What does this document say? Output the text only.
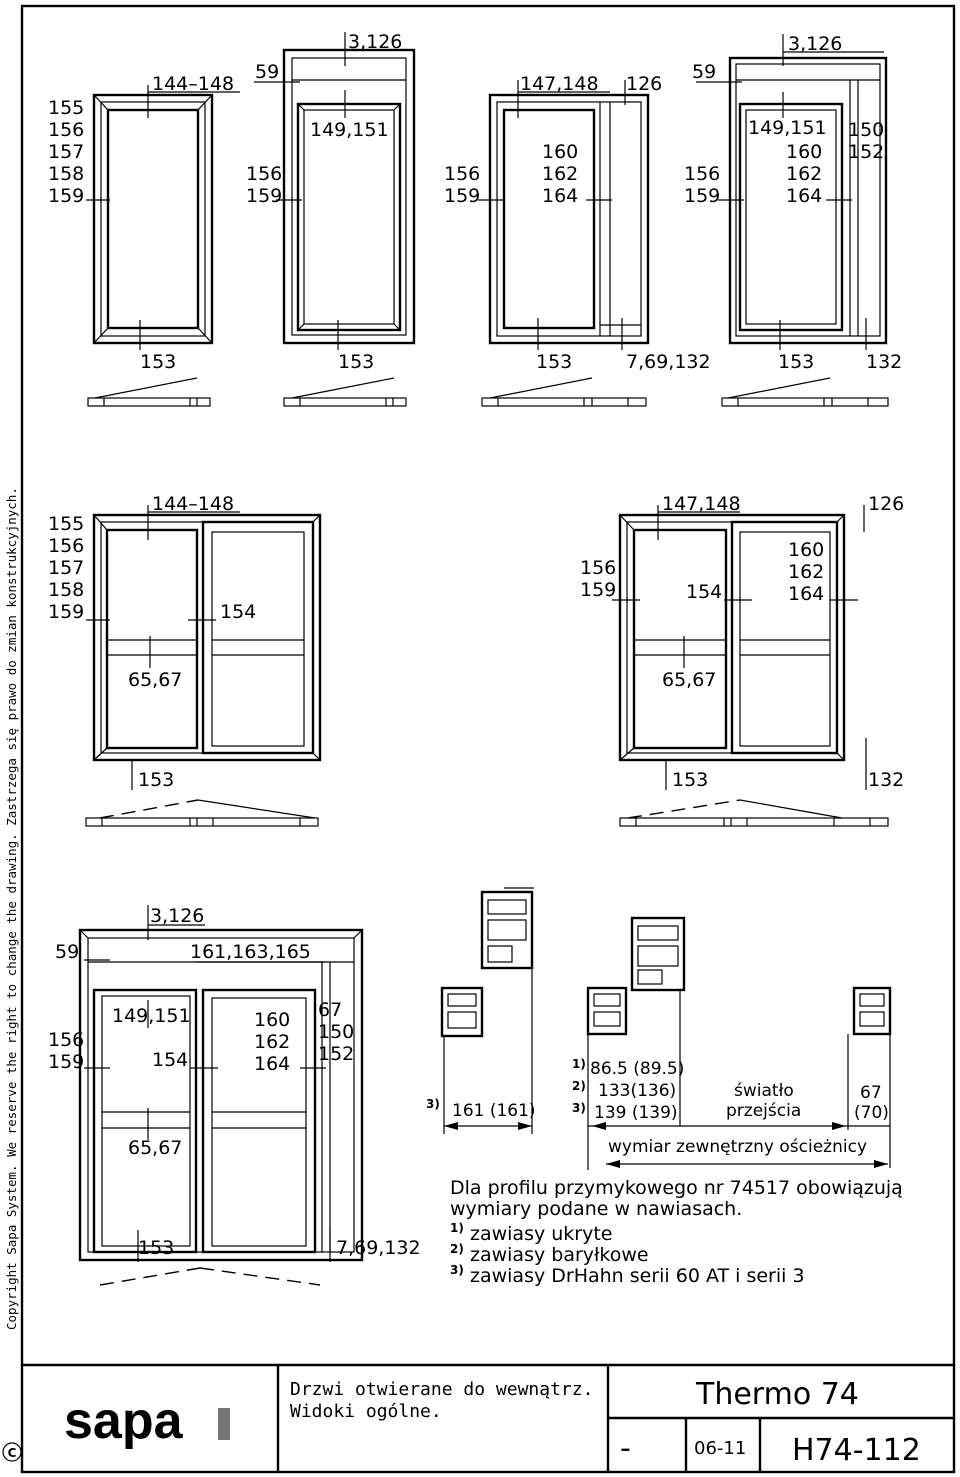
Copyright Sapa System. We reserve the right to change the drawing. Zastrzega się prawo do zmian konstrukcyjnych.
C
155
156
157
158
159
144–148
153
59
3,126
149,151
156
159
153
147,148 126
156
159
160
162
164
153	7,69,132
59
3,126
149,151
160
162
164
150
152
156
159
153	132
155
156
157
158
159
144–148
154
65,67
153
147,148	126
156
159	154
160
162
164
65,67
153	132
3,126
59	161,163,165
149,151
156
159	154
160
162
164
67
150
152
65,67
153	7,69,132
3) 161 (161)
1) 86.5 (89.5)
2) 133(136)
3) 139 (139)
światło
przejścia
67
(70)
wymiar zewnętrzny ościeżnicy
Dla profilu przymykowego nr 74517 obowiązują
wymiary podane w nawiasach.
1) zawiasy ukryte
2) zawiasy baryłkowe
3) zawiasy DrHahn serii 60 AT i serii 3
sapa
Drzwi otwierane do wewnątrz.
Widoki ogólne.	Thermo 74
-	06-11 H74-112
